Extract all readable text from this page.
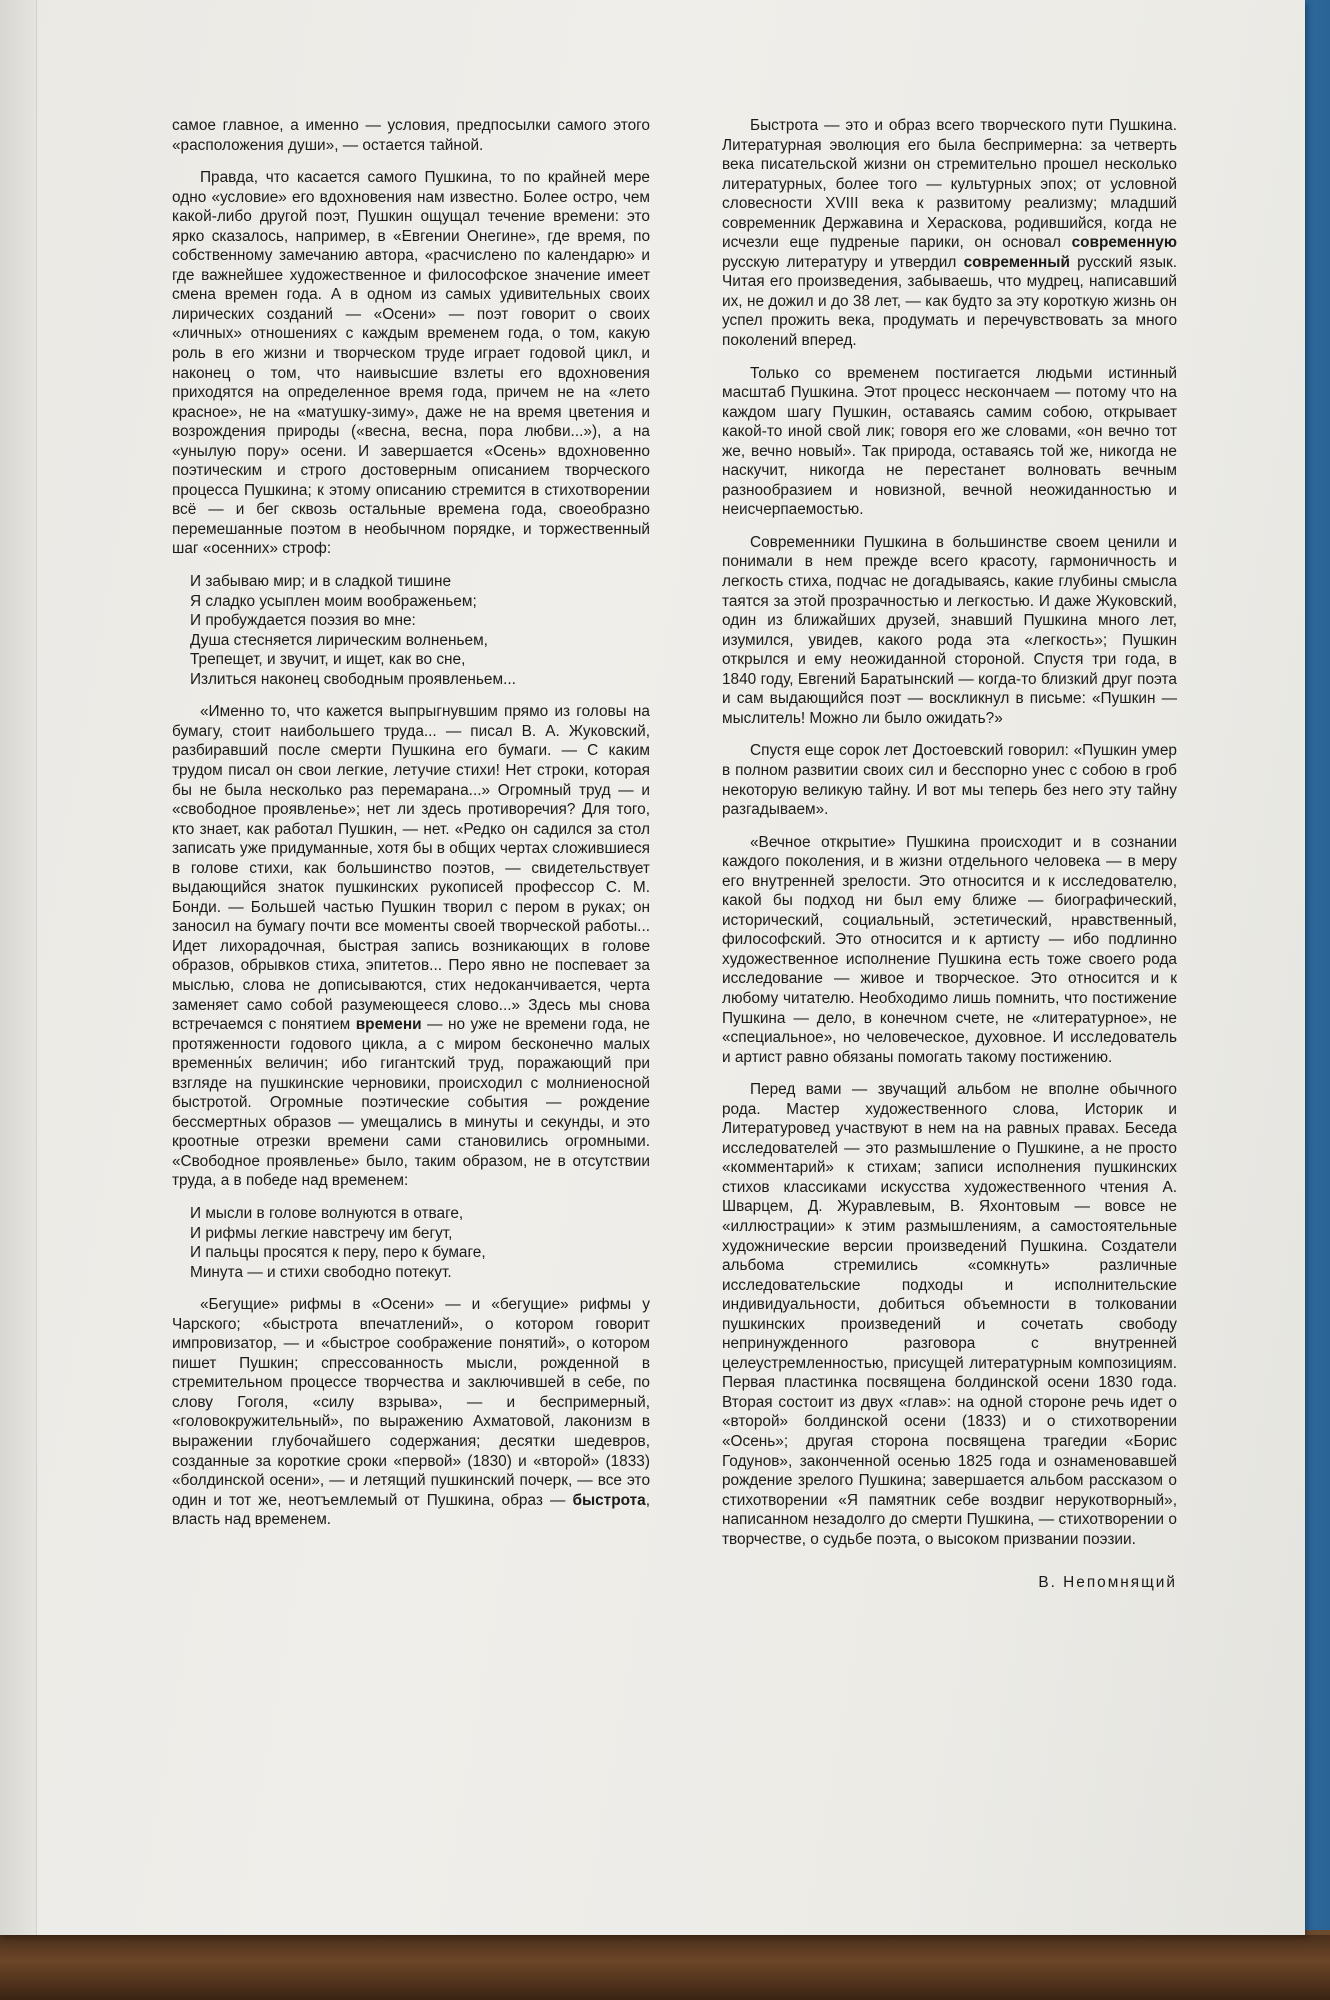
самое главное, а именно — условия, предпосылки самого этого «расположения души», — остается тайной.

Правда, что касается самого Пушкина, то по крайней мере одно «условие» его вдохновения нам известно. Более остро, чем какой-либо другой поэт, Пушкин ощущал течение времени: это ярко сказалось, например, в «Евгении Онегине», где время, по собственному замечанию автора, «расчислено по календарю» и где важнейшее художественное и философское значение имеет смена времен года. А в одном из самых удивительных своих лирических созданий — «Осени» — поэт говорит о своих «личных» отношениях с каждым временем года, о том, какую роль в его жизни и творческом труде играет годовой цикл, и наконец о том, что наивысшие взлеты его вдохновения приходятся на определенное время года, причем не на «лето красное», не на «матушку-зиму», даже не на время цветения и возрождения природы («весна, весна, пора любви...»), а на «унылую пору» осени. И завершается «Осень» вдохновенно поэтическим и строго достоверным описанием творческого процесса Пушкина; к этому описанию стремится в стихотворении всё — и бег сквозь остальные времена года, своеобразно перемешанные поэтом в необычном порядке, и торжественный шаг «осенних» строф:

И забываю мир; и в сладкой тишине
Я сладко усыплен моим воображеньем;
И пробуждается поэзия во мне:
Душа стесняется лирическим волненьем,
Трепещет, и звучит, и ищет, как во сне,
Излиться наконец свободным проявленьем...

«Именно то, что кажется выпрыгнувшим прямо из головы на бумагу, стоит наибольшего труда... — писал В. А. Жуковский, разбиравший после смерти Пушкина его бумаги. — С каким трудом писал он свои легкие, летучие стихи! Нет строки, которая бы не была несколько раз перемарана...» Огромный труд — и «свободное проявленье»; нет ли здесь противоречия? Для того, кто знает, как работал Пушкин, — нет. «Редко он садился за стол записать уже придуманные, хотя бы в общих чертах сложившиеся в голове стихи, как большинство поэтов, — свидетельствует выдающийся знаток пушкинских рукописей профессор С. М. Бонди. — Большей частью Пушкин творил с пером в руках; он заносил на бумагу почти все моменты своей творческой работы... Идет лихорадочная, быстрая запись возникающих в голове образов, обрывков стиха, эпитетов... Перо явно не поспевает за мыслью, слова не дописываются, стих недоканчивается, черта заменяет само собой разумеющееся слово...» Здесь мы снова встречаемся с понятием времени — но уже не времени года, не протяженности годового цикла, а с миром бесконечно малых временны́х величин; ибо гигантский труд, поражающий при взгляде на пушкинские черновики, происходил с молниеносной быстротой. Огромные поэтические события — рождение бессмертных образов — умещались в минуты и секунды, и это кроотные отрезки времени сами становились огромными. «Свободное проявленье» было, таким образом, не в отсутствии труда, а в победе над временем:

И мысли в голове волнуются в отваге,
И рифмы легкие навстречу им бегут,
И пальцы просятся к перу, перо к бумаге,
Минута — и стихи свободно потекут.

«Бегущие» рифмы в «Осени» — и «бегущие» рифмы у Чарского; «быстрота впечатлений», о котором говорит импровизатор, — и «быстрое соображение понятий», о котором пишет Пушкин; спрессованность мысли, рожденной в стремительном процессе творчества и заключившей в себе, по слову Гоголя, «силу взрыва», — и беспримерный, «головокружительный», по выражению Ахматовой, лаконизм в выражении глубочайшего содержания; десятки шедевров, созданные за короткие сроки «первой» (1830) и «второй» (1833) «болдинской осени», — и летящий пушкинский почерк, — все это один и тот же, неотъемлемый от Пушкина, образ — быстрота, власть над временем.

Быстрота — это и образ всего творческого пути Пушкина. Литературная эволюция его была беспримерна: за четверть века писательской жизни он стремительно прошел несколько литературных, более того — культурных эпох; от условной словесности XVIII века к развитому реализму; младший современник Державина и Хераскова, родившийся, когда не исчезли еще пудреные парики, он основал современную русскую литературу и утвердил современный русский язык. Читая его произведения, забываешь, что мудрец, написавший их, не дожил и до 38 лет, — как будто за эту короткую жизнь он успел прожить века, продумать и перечувствовать за много поколений вперед.

Только со временем постигается людьми истинный масштаб Пушкина. Этот процесс нескончаем — потому что на каждом шагу Пушкин, оставаясь самим собою, открывает какой-то иной свой лик; говоря его же словами, «он вечно тот же, вечно новый». Так природа, оставаясь той же, никогда не наскучит, никогда не перестанет волновать вечным разнообразием и новизной, вечной неожиданностью и неисчерпаемостью.

Современники Пушкина в большинстве своем ценили и понимали в нем прежде всего красоту, гармоничность и легкость стиха, подчас не догадываясь, какие глубины смысла таятся за этой прозрачностью и легкостью. И даже Жуковский, один из ближайших друзей, знавший Пушкина много лет, изумился, увидев, какого рода эта «легкость»; Пушкин открылся и ему неожиданной стороной. Спустя три года, в 1840 году, Евгений Баратынский — когда-то близкий друг поэта и сам выдающийся поэт — воскликнул в письме: «Пушкин — мыслитель! Можно ли было ожидать?»

Спустя еще сорок лет Достоевский говорил: «Пушкин умер в полном развитии своих сил и бесспорно унес с собою в гроб некоторую великую тайну. И вот мы теперь без него эту тайну разгадываем».

«Вечное открытие» Пушкина происходит и в сознании каждого поколения, и в жизни отдельного человека — в меру его внутренней зрелости. Это относится и к исследователю, какой бы подход ни был ему ближе — биографический, исторический, социальный, эстетический, нравственный, философский. Это относится и к артисту — ибо подлинно художественное исполнение Пушкина есть тоже своего рода исследование — живое и творческое. Это относится и к любому читателю. Необходимо лишь помнить, что постижение Пушкина — дело, в конечном счете, не «литературное», не «специальное», но человеческое, духовное. И исследователь и артист равно обязаны помогать такому постижению.

Перед вами — звучащий альбом не вполне обычного рода. Мастер художественного слова, Историк и Литературовед участвуют в нем на на равных правах. Беседа исследователей — это размышление о Пушкине, а не просто «комментарий» к стихам; записи исполнения пушкинских стихов классиками искусства художественного чтения А. Шварцем, Д. Журавлевым, В. Яхонтовым — вовсе не «иллюстрации» к этим размышлениям, а самостоятельные художнические версии произведений Пушкина. Создатели альбома стремились «сомкнуть» различные исследовательские подходы и исполнительские индивидуальности, добиться объемности в толковании пушкинских произведений и сочетать свободу непринужденного разговора с внутренней целеустремленностью, присущей литературным композициям. Первая пластинка посвящена болдинской осени 1830 года. Вторая состоит из двух «глав»: на одной стороне речь идет о «второй» болдинской осени (1833) и о стихотворении «Осень»; другая сторона посвящена трагедии «Борис Годунов», законченной осенью 1825 года и ознаменовавшей рождение зрелого Пушкина; завершается альбом рассказом о стихотворении «Я памятник себе воздвиг нерукотворный», написанном незадолго до смерти Пушкина, — стихотворении о творчестве, о судьбе поэта, о высоком призвании поэзии.

В. Непомнящий
